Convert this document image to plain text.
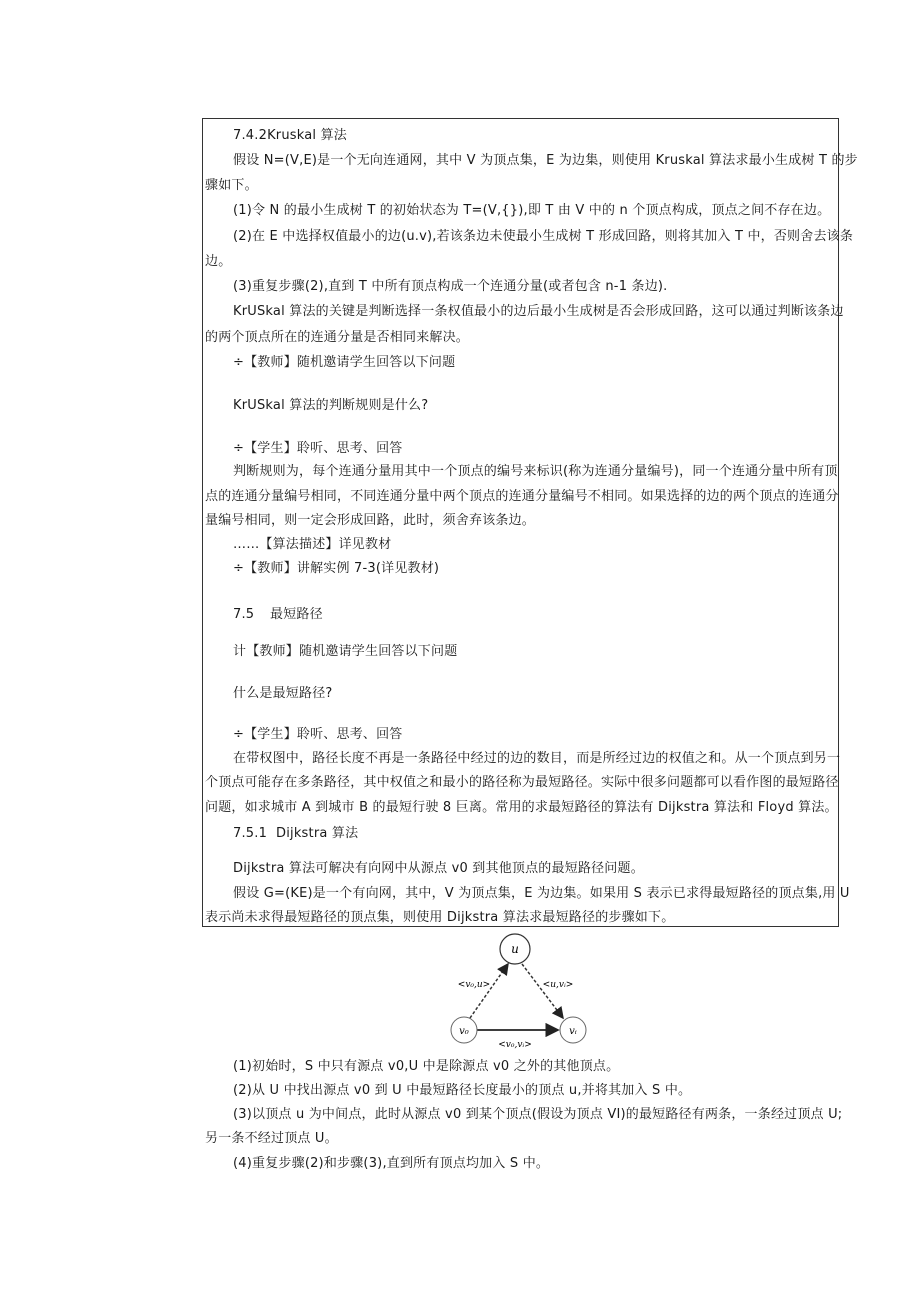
7.4.2Kruskal 算法
假设 N=(V,E)是一个无向连通网，其中 V 为顶点集，E 为边集，则使用 Kruskal 算法求最小生成树 T 的步
骤如下。
(1)令 N 的最小生成树 T 的初始状态为 T=(V,{}),即 T 由 V 中的 n 个顶点构成，顶点之间不存在边。
(2)在 E 中选择权值最小的边(u.v),若该条边未使最小生成树 T 形成回路，则将其加入 T 中，否则舍去该条
边。
(3)重复步骤(2),直到 T 中所有顶点构成一个连通分量(或者包含 n-1 条边).
KrUSkal 算法的关键是判断选择一条权值最小的边后最小生成树是否会形成回路，这可以通过判断该条边
的两个顶点所在的连通分量是否相同来解决。
÷【教师】随机邀请学生回答以下问题
KrUSkal 算法的判断规则是什么?
÷【学生】聆听、思考、回答
判断规则为，每个连通分量用其中一个顶点的编号来标识(称为连通分量编号)，同一个连通分量中所有顶
点的连通分量编号相同，不同连通分量中两个顶点的连通分量编号不相同。如果选择的边的两个顶点的连通分
量编号相同，则一定会形成回路，此时，须舍弃该条边。
……【算法描述】详见教材
÷【教师】讲解实例 7-3(详见教材)
7.5 最短路径
计【教师】随机邀请学生回答以下问题
什么是最短路径?
÷【学生】聆听、思考、回答
在带权图中，路径长度不再是一条路径中经过的边的数目，而是所经过边的权值之和。从一个顶点到另一
个顶点可能存在多条路径，其中权值之和最小的路径称为最短路径。实际中很多问题都可以看作图的最短路径
问题，如求城市 A 到城市 B 的最短行驶 8 巨离。常用的求最短路径的算法有 Dijkstra 算法和 Floyd 算法。
7.5.1 Dijkstra 算法
Dijkstra 算法可解决有向网中从源点 v0 到其他顶点的最短路径问题。
假设 G=(KE)是一个有向网，其中，V 为顶点集，E 为边集。如果用 S 表示已求得最短路径的顶点集,用 U
表示尚未求得最短路径的顶点集，则使用 Dijkstra 算法求最短路径的步骤如下。
u
v₀	vᵢ
<v₀,u>	<u,vᵢ>
<v₀,vᵢ>
(1)初始时，S 中只有源点 v0,U 中是除源点 v0 之外的其他顶点。
(2)从 U 中找出源点 v0 到 U 中最短路径长度最小的顶点 u,并将其加入 S 中。
(3)以顶点 u 为中间点，此时从源点 v0 到某个顶点(假设为顶点 VI)的最短路径有两条，一条经过顶点 U;
另一条不经过顶点 U。
(4)重复步骤(2)和步骤(3),直到所有顶点均加入 S 中。
